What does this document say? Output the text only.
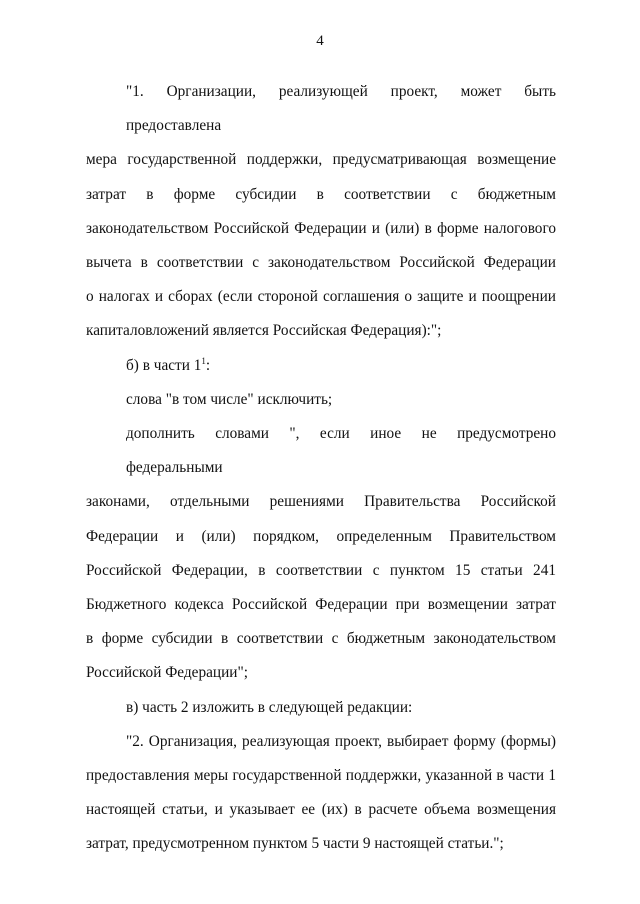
4
"1. Организации, реализующей проект, может быть предоставлена
мера государственной поддержки, предусматривающая возмещение
затрат в форме субсидии в соответствии с бюджетным
законодательством Российской Федерации и (или) в форме налогового
вычета в соответствии с законодательством Российской Федерации
о налогах и сборах (если стороной соглашения о защите и поощрении
капиталовложений является Российская Федерация):";
б) в части $1^1$:
слова "в том числе" исключить;
дополнить словами ", если иное не предусмотрено федеральными
законами, отдельными решениями Правительства Российской
Федерации и (или) порядком, определенным Правительством
Российской Федерации, в соответствии с пунктом 15 статьи 241
Бюджетного кодекса Российской Федерации при возмещении затрат
в форме субсидии в соответствии с бюджетным законодательством
Российской Федерации";
в) часть 2 изложить в следующей редакции:
"2. Организация, реализующая проект, выбирает форму (формы)
предоставления меры государственной поддержки, указанной в части 1
настоящей статьи, и указывает ее (их) в расчете объема возмещения
затрат, предусмотренном пунктом 5 части 9 настоящей статьи.";
